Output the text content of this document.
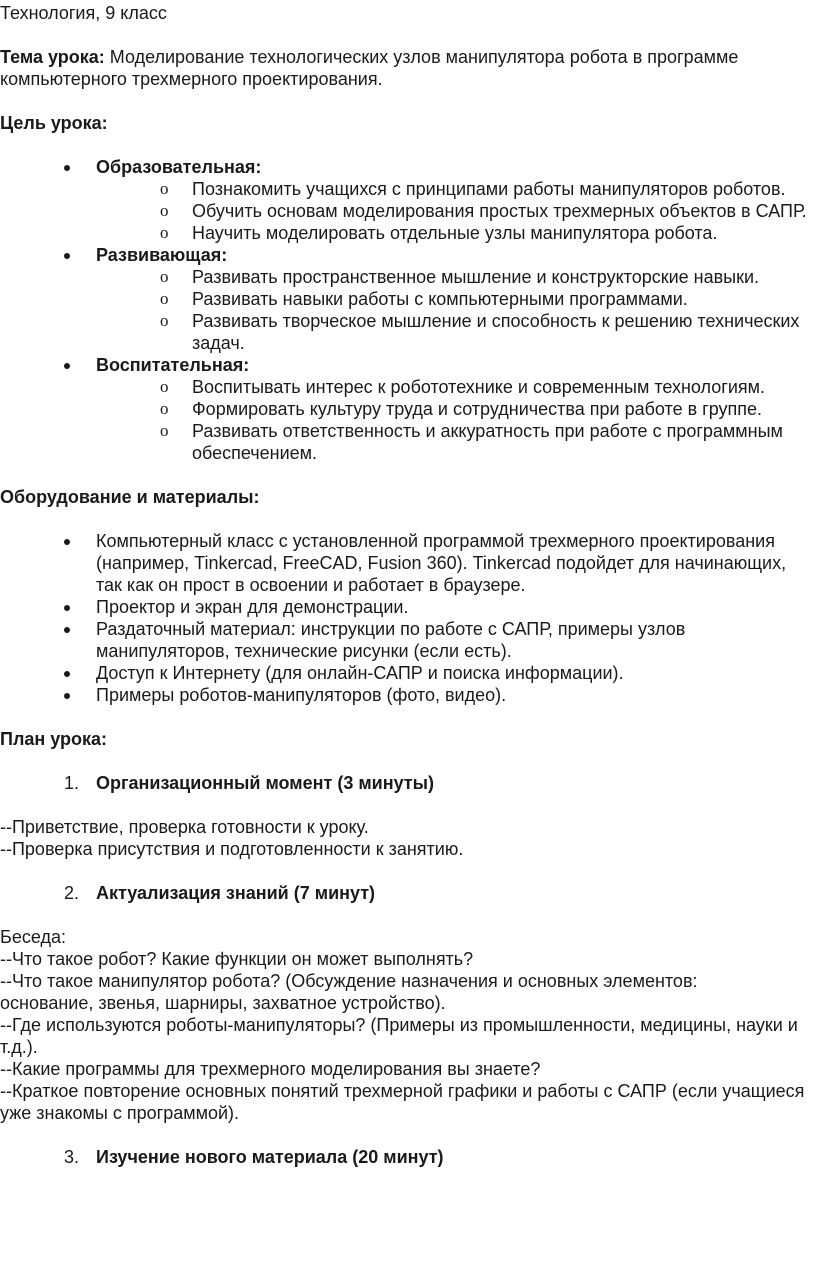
Технология, 9 класс

Тема урока: Моделирование технологических узлов манипулятора робота в программе компьютерного трехмерного проектирования.

Цель урока:

Образовательная:
o Познакомить учащихся с принципами работы манипуляторов роботов.
o Обучить основам моделирования простых трехмерных объектов в САПР.
o Научить моделировать отдельные узлы манипулятора робота.
Развивающая:
o Развивать пространственное мышление и конструкторские навыки.
o Развивать навыки работы с компьютерными программами.
o Развивать творческое мышление и способность к решению технических задач.
Воспитательная:
o Воспитывать интерес к робототехнике и современным технологиям.
o Формировать культуру труда и сотрудничества при работе в группе.
o Развивать ответственность и аккуратность при работе с программным обеспечением.

Оборудование и материалы:

Компьютерный класс с установленной программой трехмерного проектирования (например, Tinkercad, FreeCAD, Fusion 360). Tinkercad подойдет для начинающих, так как он прост в освоении и работает в браузере.
Проектор и экран для демонстрации.
Раздаточный материал: инструкции по работе с САПР, примеры узлов манипуляторов, технические рисунки (если есть).
Доступ к Интернету (для онлайн-САПР и поиска информации).
Примеры роботов-манипуляторов (фото, видео).

План урока:

1. Организационный момент (3 минуты)

--Приветствие, проверка готовности к уроку.

--Проверка присутствия и подготовленности к занятию.

2. Актуализация знаний (7 минут)

Беседа:

--Что такое робот? Какие функции он может выполнять?

--Что такое манипулятор робота? (Обсуждение назначения и основных элементов: основание, звенья, шарниры, захватное устройство).

--Где используются роботы-манипуляторы? (Примеры из промышленности, медицины, науки и т.д.).

--Какие программы для трехмерного моделирования вы знаете?

--Краткое повторение основных понятий трехмерной графики и работы с САПР (если учащиеся уже знакомы с программой).

3. Изучение нового материала (20 минут)
